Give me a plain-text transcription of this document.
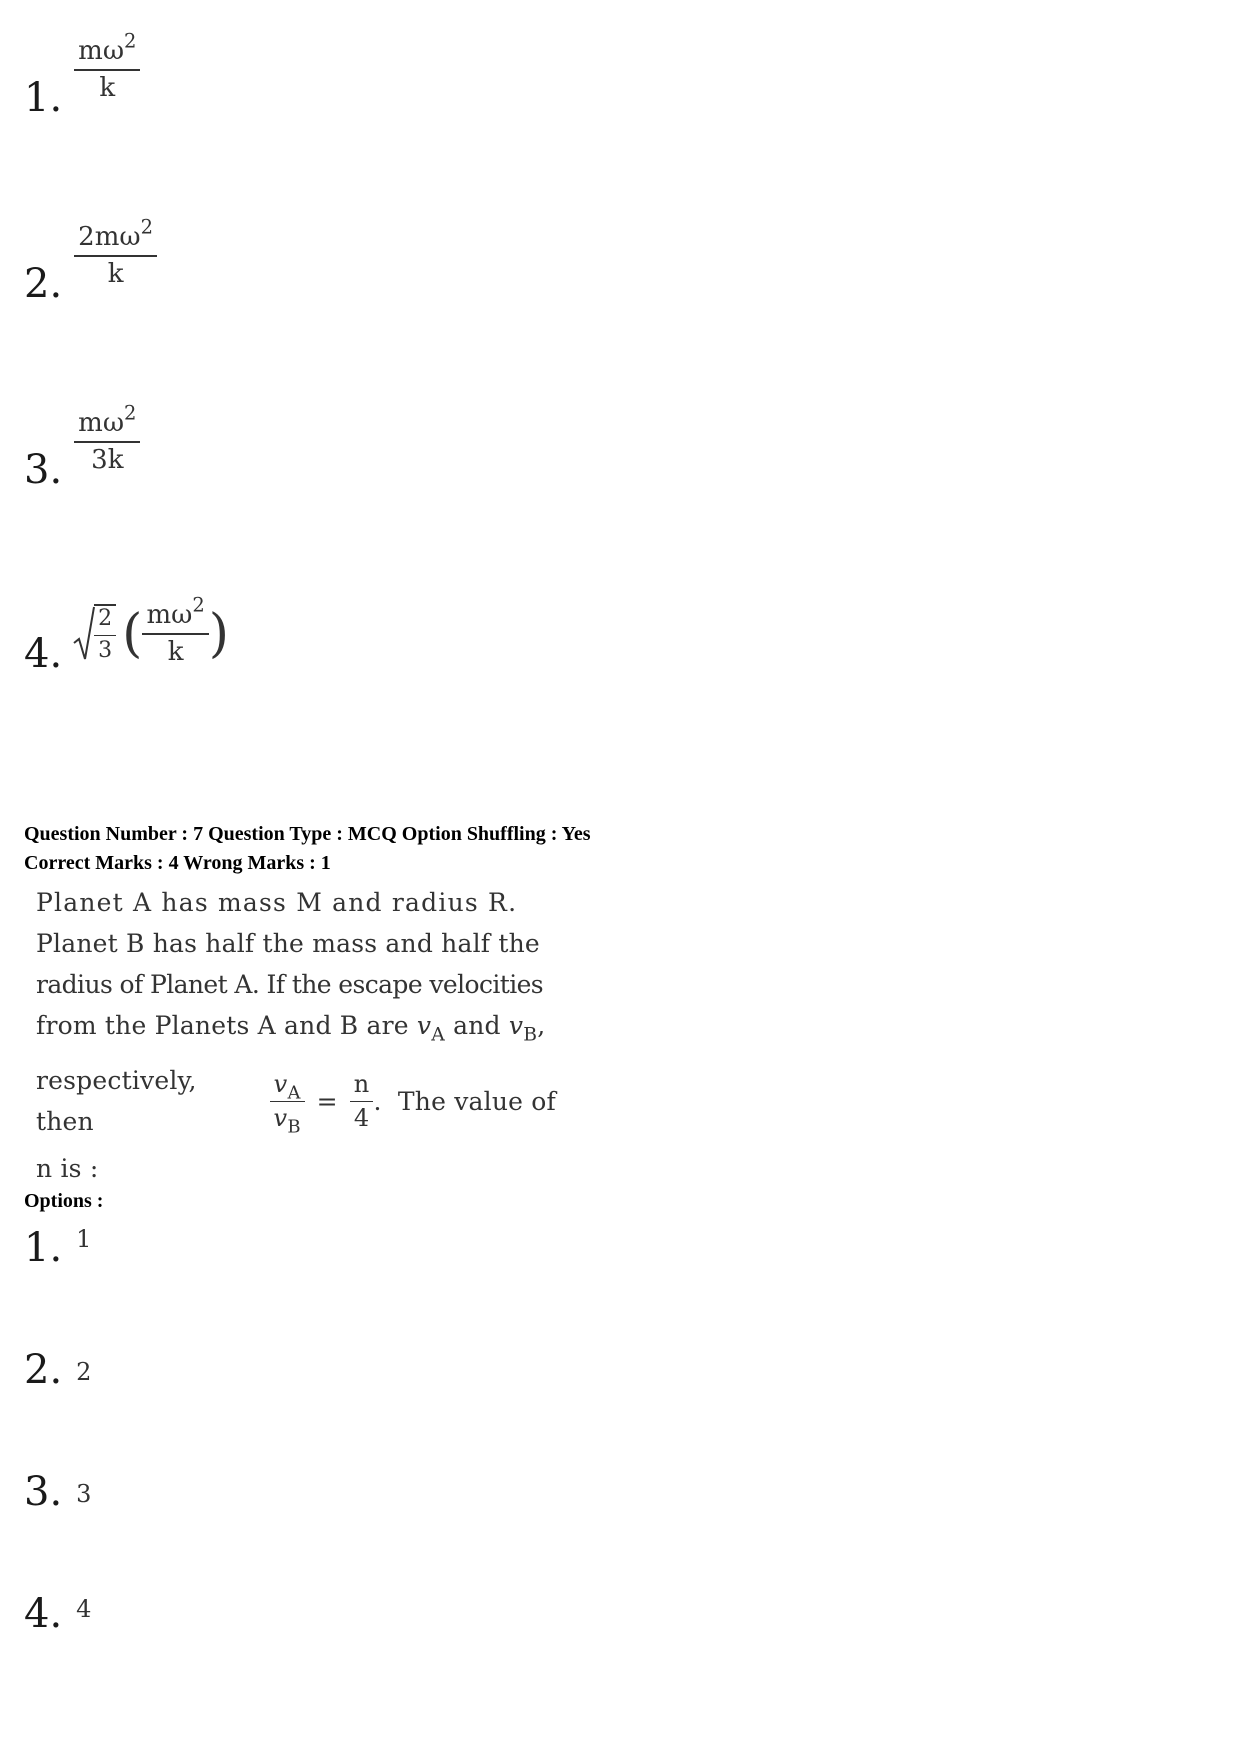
1. $\frac{m\omega^2}{k}$
2. $\frac{2m\omega^2}{k}$
3. $\frac{m\omega^2}{3k}$
4. $\frac{2}{3}$ ( $\frac{m\omega^2}{k}$ )
Question Number : 7 Question Type : MCQ Option Shuffling : Yes
Correct Marks : 4 Wrong Marks : 1
Planet A has mass M and radius R.
Planet B has half the mass and half the
radius of Planet A. If the escape velocities
from the Planets A and B are $v_A$ and $v_B$,
respectively, then	$\frac{v_A}{v_B} = \frac{n}{4}$ .  The value of
n is :
Options :
1. 1
2. 2
3. 3
4. 4
